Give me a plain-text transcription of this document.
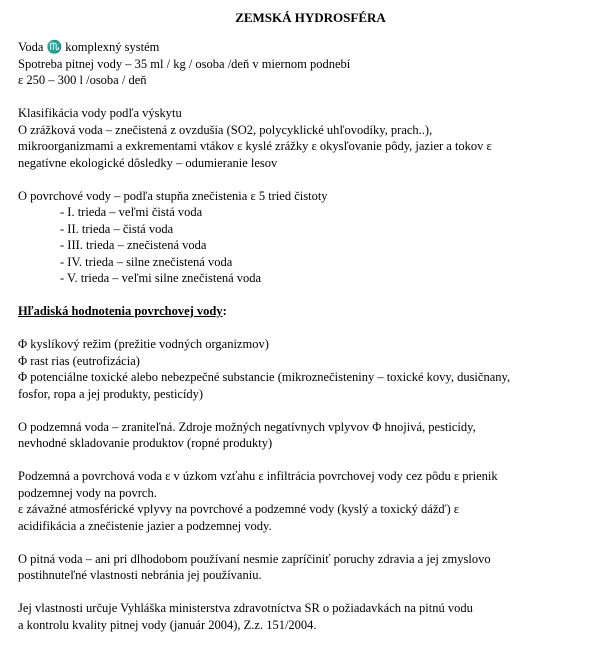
ZEMSKÁ HYDROSFÉRA
Voda ♏ komplexný systém
Spotreba pitnej vody – 35 ml / kg / osoba /deň v miernom podnebí
ε 250 – 300 l /osoba / deň
Klasifikácia vody podľa výskytu
O zrážková voda – znečistená z ovzdušia (SO2, polycyklické uhľovodíky, prach..),
mikroorganizmami a exkrementami vtákov ε kyslé zrážky ε okysľovanie pôdy, jazier a tokov ε
negatívne ekologické dôsledky – odumieranie lesov
O povrchové vody – podľa stupňa znečistenia ε 5 tried čistoty
- I. trieda – veľmi čistá voda
- II. trieda – čistá voda
- III. trieda – znečistená voda
- IV. trieda – silne znečistená voda
- V. trieda – veľmi silne znečistená voda
Hľadiská hodnotenia povrchovej vody:
Φ kyslíkový režim (prežitie vodných organizmov)
Φ rast rias (eutrofizácia)
Φ potenciálne toxické alebo nebezpečné substancie (mikroznečisteniny – toxické kovy, dusičnany,
fosfor, ropa a jej produkty, pesticídy)
O podzemná voda – zraniteľná. Zdroje možných negatívnych vplyvov Φ hnojivá, pesticídy,
nevhodné skladovanie produktov (ropné produkty)
Podzemná a povrchová voda ε v úzkom vzťahu ε infiltrácia povrchovej vody cez pôdu ε prienik
podzemnej vody na povrch.
ε závažné atmosférické vplyvy na povrchové a podzemné vody (kyslý a toxický dážď) ε
acidifikácia a znečistenie jazier a podzemnej vody.
O pitná voda – ani pri dlhodobom používaní nesmie zapríčiniť poruchy zdravia a jej zmyslovo
postihnuteľné vlastnosti nebránia jej používaniu.
Jej vlastnosti určuje Vyhláška ministerstva zdravotníctva SR o požiadavkách na pitnú vodu
a kontrolu kvality pitnej vody (január 2004), Z.z. 151/2004.
